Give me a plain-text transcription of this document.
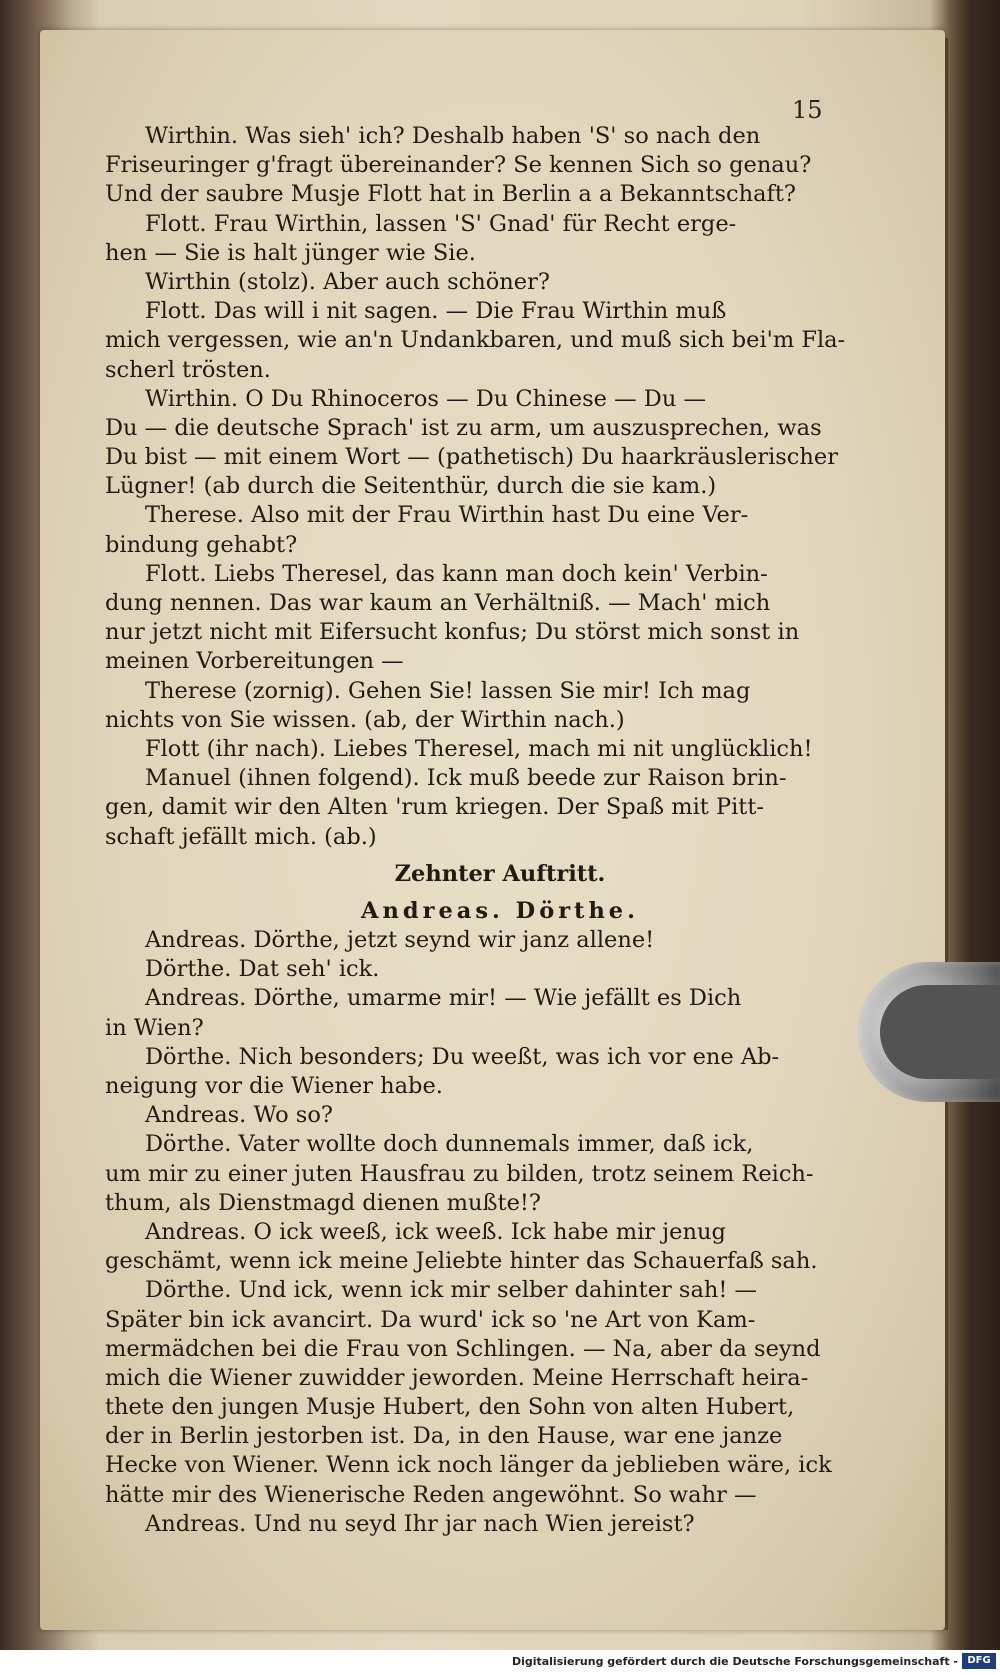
15
Wirthin. Was sieh' ich? Deshalb haben 'S' so nach den
Friseuringer g'fragt übereinander? Se kennen Sich so genau?
Und der saubre Musje Flott hat in Berlin a a Bekanntschaft?
Flott. Frau Wirthin, lassen 'S' Gnad' für Recht erge-
hen — Sie is halt jünger wie Sie.
Wirthin (stolz). Aber auch schöner?
Flott. Das will i nit sagen. — Die Frau Wirthin muß
mich vergessen, wie an'n Undankbaren, und muß sich bei'm Fla-
scherl trösten.
Wirthin. O Du Rhinoceros — Du Chinese — Du —
Du — die deutsche Sprach' ist zu arm, um auszusprechen, was
Du bist — mit einem Wort — (pathetisch) Du haarkräuslerischer
Lügner! (ab durch die Seitenthür, durch die sie kam.)
Therese. Also mit der Frau Wirthin hast Du eine Ver-
bindung gehabt?
Flott. Liebs Theresel, das kann man doch kein' Verbin-
dung nennen. Das war kaum an Verhältniß. — Mach' mich
nur jetzt nicht mit Eifersucht konfus; Du störst mich sonst in
meinen Vorbereitungen —
Therese (zornig). Gehen Sie! lassen Sie mir! Ich mag
nichts von Sie wissen. (ab, der Wirthin nach.)
Flott (ihr nach). Liebes Theresel, mach mi nit unglücklich!
Manuel (ihnen folgend). Ick muß beede zur Raison brin-
gen, damit wir den Alten 'rum kriegen. Der Spaß mit Pitt-
schaft jefällt mich. (ab.)
Zehnter Auftritt.
Andreas. Dörthe.
Andreas. Dörthe, jetzt seynd wir janz allene!
Dörthe. Dat seh' ick.
Andreas. Dörthe, umarme mir! — Wie jefällt es Dich
in Wien?
Dörthe. Nich besonders; Du weeßt, was ich vor ene Ab-
neigung vor die Wiener habe.
Andreas. Wo so?
Dörthe. Vater wollte doch dunnemals immer, daß ick,
um mir zu einer juten Hausfrau zu bilden, trotz seinem Reich-
thum, als Dienstmagd dienen mußte!?
Andreas. O ick weeß, ick weeß. Ick habe mir jenug
geschämt, wenn ick meine Jeliebte hinter das Schauerfaß sah.
Dörthe. Und ick, wenn ick mir selber dahinter sah! —
Später bin ick avancirt. Da wurd' ick so 'ne Art von Kam-
mermädchen bei die Frau von Schlingen. — Na, aber da seynd
mich die Wiener zuwidder jeworden. Meine Herrschaft heira-
thete den jungen Musje Hubert, den Sohn von alten Hubert,
der in Berlin jestorben ist. Da, in den Hause, war ene janze
Hecke von Wiener. Wenn ick noch länger da jeblieben wäre, ick
hätte mir des Wienerische Reden angewöhnt. So wahr —
Andreas. Und nu seyd Ihr jar nach Wien jereist?
Digitalisierung gefördert durch die Deutsche Forschungsgemeinschaft - DFG
